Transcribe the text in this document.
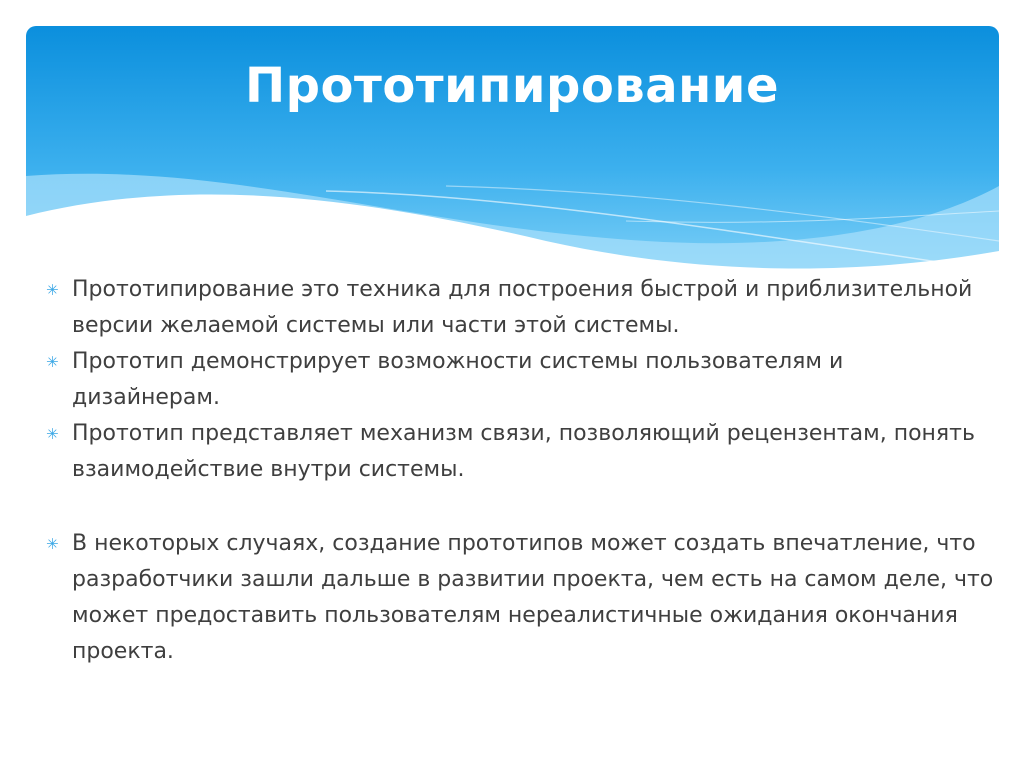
Прототипирование
✳ Прототипирование это техника для построения быстрой и приблизительной версии желаемой системы или части этой системы.
✳ Прототип демонстрирует возможности системы пользователям и дизайнерам.
✳ Прототип представляет механизм связи, позволяющий рецензентам, понять взаимодействие внутри системы.
✳ В некоторых случаях, создание прототипов может создать впечатление, что разработчики зашли дальше в развитии проекта, чем есть на самом деле, что может предоставить пользователям нереалистичные ожидания окончания проекта.
